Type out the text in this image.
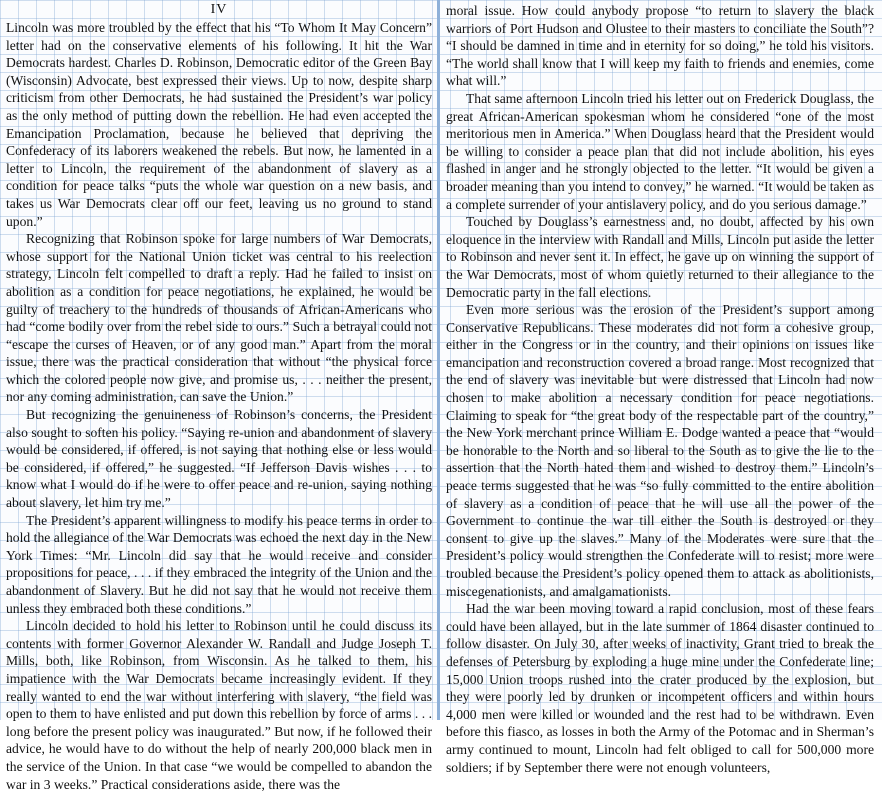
IV

Lincoln was more troubled by the effect that his “To Whom It May Concern” letter had on the conservative elements of his following. It hit the War Democrats hardest. Charles D. Robinson, Democratic editor of the Green Bay (Wisconsin) Advocate, best expressed their views. Up to now, despite sharp criticism from other Democrats, he had sustained the President’s war policy as the only method of putting down the rebellion. He had even accepted the Emancipation Proclamation, because he believed that depriving the Confederacy of its laborers weakened the rebels. But now, he lamented in a letter to Lincoln, the requirement of the abandonment of slavery as a condition for peace talks “puts the whole war question on a new basis, and takes us War Democrats clear off our feet, leaving us no ground to stand upon.”

Recognizing that Robinson spoke for large numbers of War Democrats, whose support for the National Union ticket was central to his reelection strategy, Lincoln felt compelled to draft a reply. Had he failed to insist on abolition as a condition for peace negotiations, he explained, he would be guilty of treachery to the hundreds of thousands of African-Americans who had “come bodily over from the rebel side to ours.” Such a betrayal could not “escape the curses of Heaven, or of any good man.” Apart from the moral issue, there was the practical consideration that without “the physical force which the colored people now give, and promise us, . . . neither the present, nor any coming administration, can save the Union.”

But recognizing the genuineness of Robinson’s concerns, the President also sought to soften his policy. “Saying re-union and abandonment of slavery would be considered, if offered, is not saying that nothing else or less would be considered, if offered,” he suggested. “If Jefferson Davis wishes . . . to know what I would do if he were to offer peace and re-union, saying nothing about slavery, let him try me.”

The President’s apparent willingness to modify his peace terms in order to hold the allegiance of the War Democrats was echoed the next day in the New York Times: “Mr. Lincoln did say that he would receive and consider propositions for peace, . . . if they embraced the integrity of the Union and the abandonment of Slavery. But he did not say that he would not receive them unless they embraced both these conditions.”

Lincoln decided to hold his letter to Robinson until he could discuss its contents with former Governor Alexander W. Randall and Judge Joseph T. Mills, both, like Robinson, from Wisconsin. As he talked to them, his impatience with the War Democrats became increasingly evident. If they really wanted to end the war without interfering with slavery, “the field was open to them to have enlisted and put down this rebellion by force of arms . . . long before the present policy was inaugurated.” But now, if he followed their advice, he would have to do without the help of nearly 200,000 black men in the service of the Union. In that case “we would be compelled to abandon the war in 3 weeks.” Practical considerations aside, there was the

moral issue. How could anybody propose “to return to slavery the black warriors of Port Hudson and Olustee to their masters to conciliate the South”? “I should be damned in time and in eternity for so doing,” he told his visitors. “The world shall know that I will keep my faith to friends and enemies, come what will.”

That same afternoon Lincoln tried his letter out on Frederick Douglass, the great African-American spokesman whom he considered “one of the most meritorious men in America.” When Douglass heard that the President would be willing to consider a peace plan that did not include abolition, his eyes flashed in anger and he strongly objected to the letter. “It would be given a broader meaning than you intend to convey,” he warned. “It would be taken as a complete surrender of your antislavery policy, and do you serious damage.”

Touched by Douglass’s earnestness and, no doubt, affected by his own eloquence in the interview with Randall and Mills, Lincoln put aside the letter to Robinson and never sent it. In effect, he gave up on winning the support of the War Democrats, most of whom quietly returned to their allegiance to the Democratic party in the fall elections.

Even more serious was the erosion of the President’s support among Conservative Republicans. These moderates did not form a cohesive group, either in the Congress or in the country, and their opinions on issues like emancipation and reconstruction covered a broad range. Most recognized that the end of slavery was inevitable but were distressed that Lincoln had now chosen to make abolition a necessary condition for peace negotiations. Claiming to speak for “the great body of the respectable part of the country,” the New York merchant prince William E. Dodge wanted a peace that “would be honorable to the North and so liberal to the South as to give the lie to the assertion that the North hated them and wished to destroy them.” Lincoln’s peace terms suggested that he was “so fully committed to the entire abolition of slavery as a condition of peace that he will use all the power of the Government to continue the war till either the South is destroyed or they consent to give up the slaves.” Many of the Moderates were sure that the President’s policy would strengthen the Confederate will to resist; more were troubled because the President’s policy opened them to attack as abolitionists, miscegenationists, and amalgamationists.

Had the war been moving toward a rapid conclusion, most of these fears could have been allayed, but in the late summer of 1864 disaster continued to follow disaster. On July 30, after weeks of inactivity, Grant tried to break the defenses of Petersburg by exploding a huge mine under the Confederate line; 15,000 Union troops rushed into the crater produced by the explosion, but they were poorly led by drunken or incompetent officers and within hours 4,000 men were killed or wounded and the rest had to be withdrawn. Even before this fiasco, as losses in both the Army of the Potomac and in Sherman’s army continued to mount, Lincoln had felt obliged to call for 500,000 more soldiers; if by September there were not enough volunteers,
